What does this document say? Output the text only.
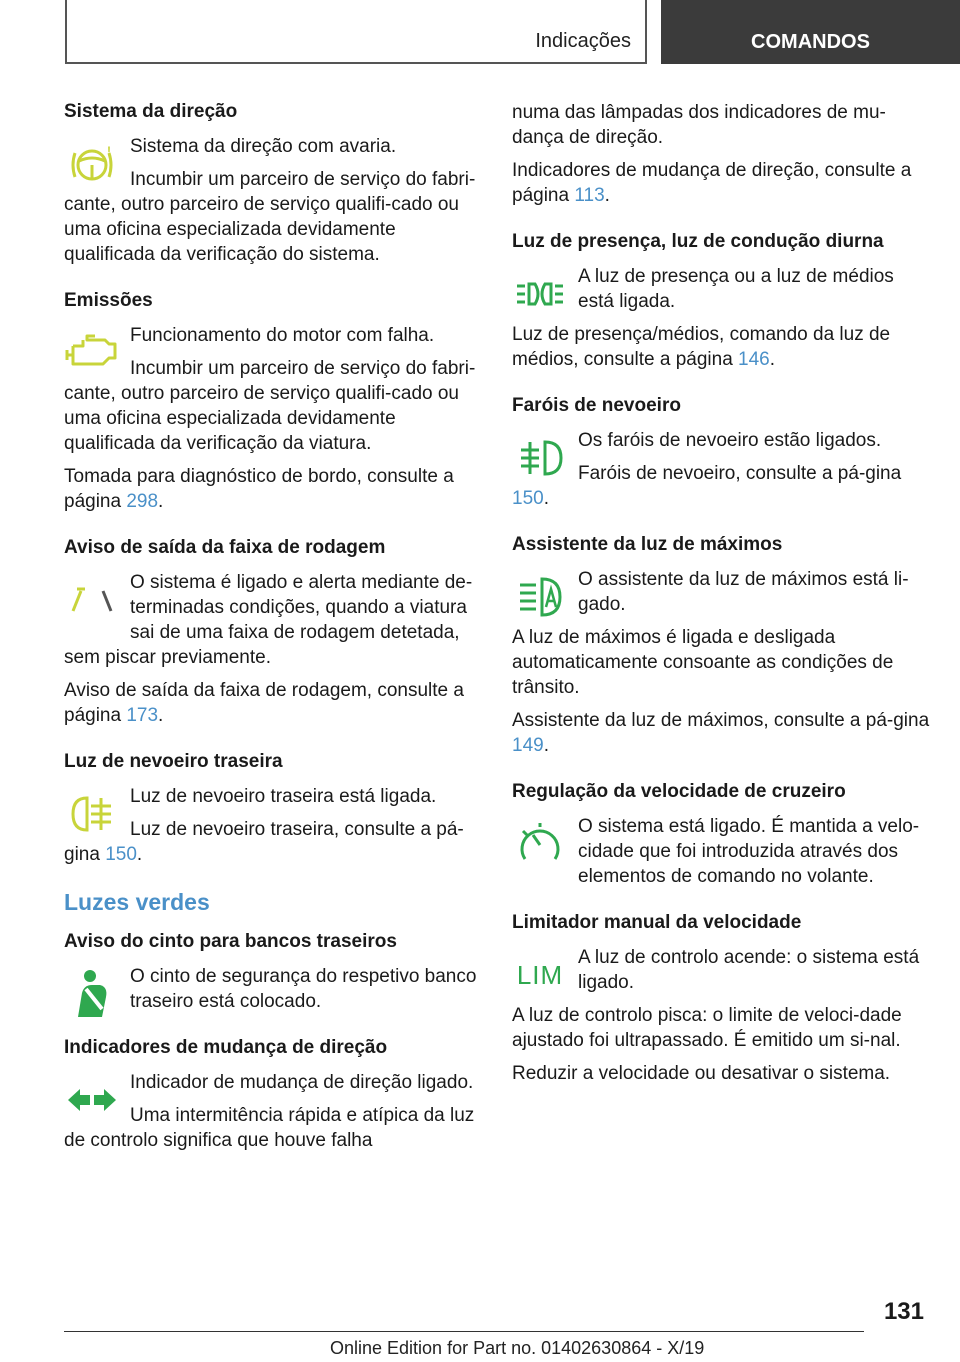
Indicações	COMANDOS
Sistema da direção
!	Sistema da direção com avaria.

Incumbir um parceiro de serviço do fabri-cante, outro parceiro de serviço qualifi-cado ou uma oficina especializada devidamente qualificada da verificação do sistema.

Emissões

Funcionamento do motor com falha.

Incumbir um parceiro de serviço do fabri-cante, outro parceiro de serviço qualifi-cado ou uma oficina especializada devidamente qualificada da verificação da viatura.

Tomada para diagnóstico de bordo, consulte a página 298.

Aviso de saída da faixa de rodagem

O sistema é ligado e alerta mediante de-terminadas condições, quando a viatura sai de uma faixa de rodagem detetada, sem piscar previamente.

Aviso de saída da faixa de rodagem, consulte a página 173.

Luz de nevoeiro traseira

Luz de nevoeiro traseira está ligada.

Luz de nevoeiro traseira, consulte a pá-gina 150.

Luzes verdes
Aviso do cinto para bancos traseiros

O cinto de segurança do respetivo banco traseiro está colocado.

Indicadores de mudança de direção

Indicador de mudança de direção ligado.

Uma intermitência rápida e atípica da luz de controlo significa que houve falha

numa das lâmpadas dos indicadores de mu-dança de direção.

Indicadores de mudança de direção, consulte a página 113.

Luz de presença, luz de condução diurna

A luz de presença ou a luz de médios está ligada.

Luz de presença/médios, comando da luz de médios, consulte a página 146.

Faróis de nevoeiro

Os faróis de nevoeiro estão ligados.

Faróis de nevoeiro, consulte a pá-gina 150.

Assistente da luz de máximos

O assistente da luz de máximos está li-gado.

A luz de máximos é ligada e desligada automaticamente consoante as condições de trânsito.

Assistente da luz de máximos, consulte a pá-gina 149.

Regulação da velocidade de cruzeiro

O sistema está ligado. É mantida a velo-cidade que foi introduzida através dos elementos de comando no volante.

Limitador manual da velocidade
LIM

A luz de controlo acende: o sistema está ligado.

A luz de controlo pisca: o limite de veloci-dade ajustado foi ultrapassado. É emitido um si-nal.

Reduzir a velocidade ou desativar o sistema.

131
Online Edition for Part no. 01402630864 - X/19
